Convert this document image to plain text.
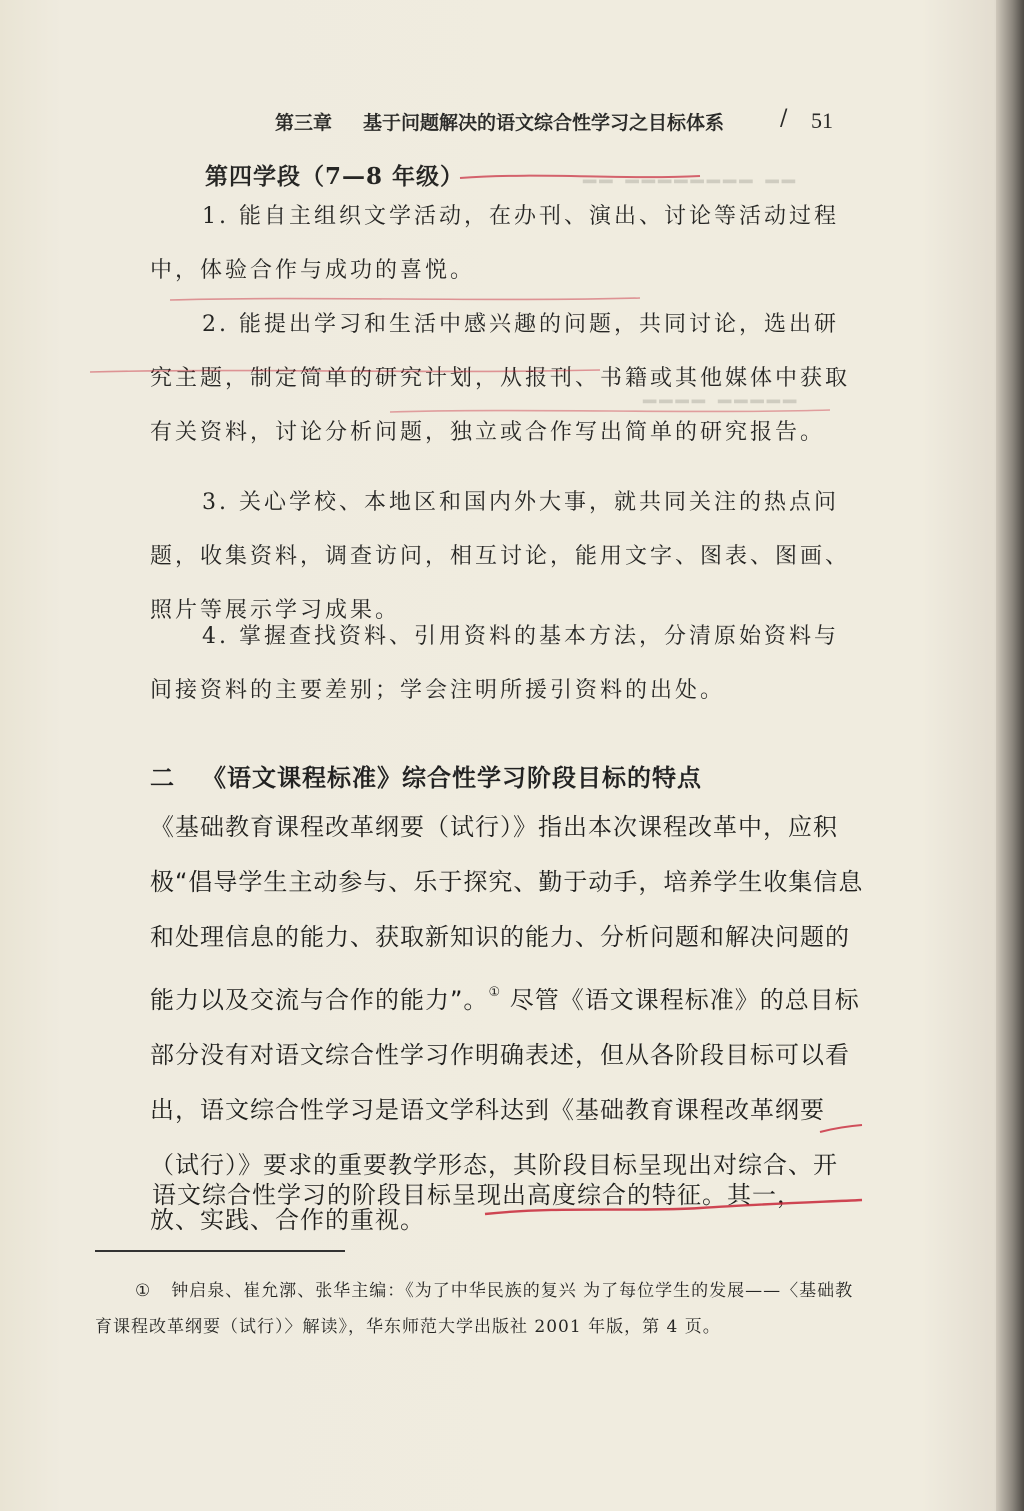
━━ ━━━━━━━━ ━━
━━━━━ ━━━━
第三章 基于问题解决的语文综合性学习之目标体系	/ 51
第四学段（7—8 年级）
1. 能自主组织文学活动，在办刊、演出、讨论等活动过程中，体验合作与成功的喜悦。
2. 能提出学习和生活中感兴趣的问题，共同讨论，选出研究主题，制定简单的研究计划，从报刊、书籍或其他媒体中获取有关资料，讨论分析问题，独立或合作写出简单的研究报告。
3. 关心学校、本地区和国内外大事，就共同关注的热点问题，收集资料，调查访问，相互讨论，能用文字、图表、图画、照片等展示学习成果。
4. 掌握查找资料、引用资料的基本方法，分清原始资料与间接资料的主要差别；学会注明所援引资料的出处。
二 《语文课程标准》综合性学习阶段目标的特点
《基础教育课程改革纲要（试行）》指出本次课程改革中，应积极“倡导学生主动参与、乐于探究、勤于动手，培养学生收集信息和处理信息的能力、获取新知识的能力、分析问题和解决问题的能力以及交流与合作的能力”。① 尽管《语文课程标准》的总目标部分没有对语文综合性学习作明确表述，但从各阶段目标可以看出，语文综合性学习是语文学科达到《基础教育课程改革纲要（试行）》要求的重要教学形态，其阶段目标呈现出对综合、开放、实践、合作的重视。
语文综合性学习的阶段目标呈现出高度综合的特征。其一，
① 钟启泉、崔允漷、张华主编：《为了中华民族的复兴 为了每位学生的发展——〈基础教育课程改革纲要（试行）〉解读》，华东师范大学出版社 2001 年版，第 4 页。
